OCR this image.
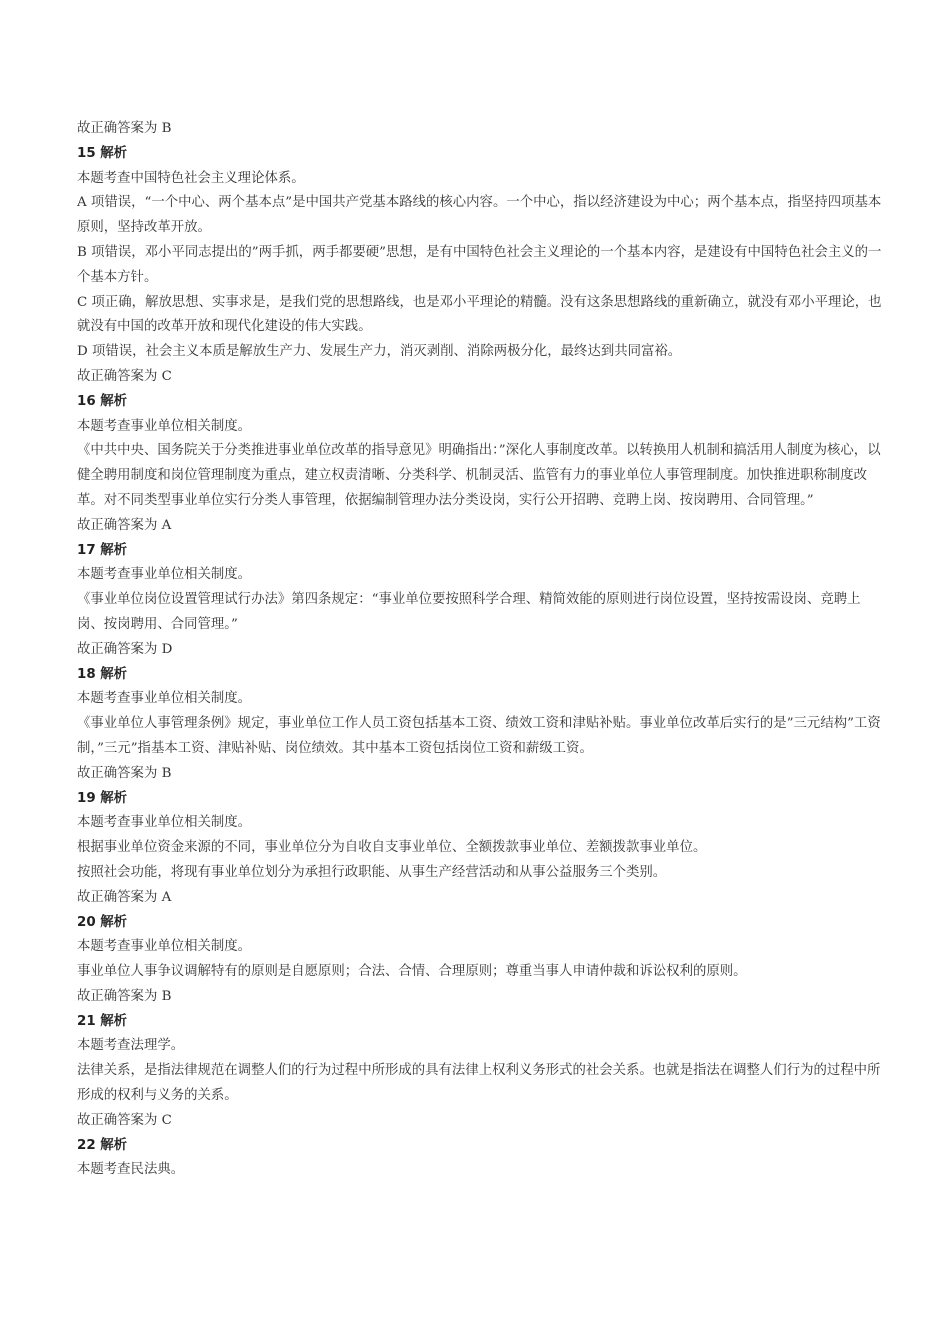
故正确答案为 B

15 解析

本题考查中国特色社会主义理论体系。

A 项错误，“一个中心、两个基本点”是中国共产党基本路线的核心内容。一个中心，指以经济建设为中心；两个基本点，指坚持四项基本原则，坚持改革开放。

B 项错误，邓小平同志提出的”两手抓，两手都要硬”思想，是有中国特色社会主义理论的一个基本内容，是建设有中国特色社会主义的一个基本方针。

C 项正确，解放思想、实事求是，是我们党的思想路线，也是邓小平理论的精髓。没有这条思想路线的重新确立，就没有邓小平理论，也就没有中国的改革开放和现代化建设的伟大实践。

D 项错误，社会主义本质是解放生产力、发展生产力，消灭剥削、消除两极分化，最终达到共同富裕。

故正确答案为 C

16 解析

本题考查事业单位相关制度。

《中共中央、国务院关于分类推进事业单位改革的指导意见》明确指出：”深化人事制度改革。以转换用人机制和搞活用人制度为核心，以健全聘用制度和岗位管理制度为重点，建立权责清晰、分类科学、机制灵活、监管有力的事业单位人事管理制度。加快推进职称制度改革。对不同类型事业单位实行分类人事管理，依据编制管理办法分类设岗，实行公开招聘、竞聘上岗、按岗聘用、合同管理。”

故正确答案为 A

17 解析

本题考查事业单位相关制度。

《事业单位岗位设置管理试行办法》第四条规定：“事业单位要按照科学合理、精简效能的原则进行岗位设置，坚持按需设岗、竞聘上岗、按岗聘用、合同管理。”

故正确答案为 D

18 解析

本题考查事业单位相关制度。

《事业单位人事管理条例》规定，事业单位工作人员工资包括基本工资、绩效工资和津贴补贴。事业单位改革后实行的是”三元结构”工资制，”三元”指基本工资、津贴补贴、岗位绩效。其中基本工资包括岗位工资和薪级工资。

故正确答案为 B

19 解析

本题考查事业单位相关制度。

根据事业单位资金来源的不同，事业单位分为自收自支事业单位、全额拨款事业单位、差额拨款事业单位。

按照社会功能，将现有事业单位划分为承担行政职能、从事生产经营活动和从事公益服务三个类别。

故正确答案为 A

20 解析

本题考查事业单位相关制度。

事业单位人事争议调解特有的原则是自愿原则；合法、合情、合理原则；尊重当事人申请仲裁和诉讼权利的原则。

故正确答案为 B

21 解析

本题考查法理学。

法律关系，是指法律规范在调整人们的行为过程中所形成的具有法律上权利义务形式的社会关系。也就是指法在调整人们行为的过程中所形成的权利与义务的关系。

故正确答案为 C

22 解析

本题考查民法典。
